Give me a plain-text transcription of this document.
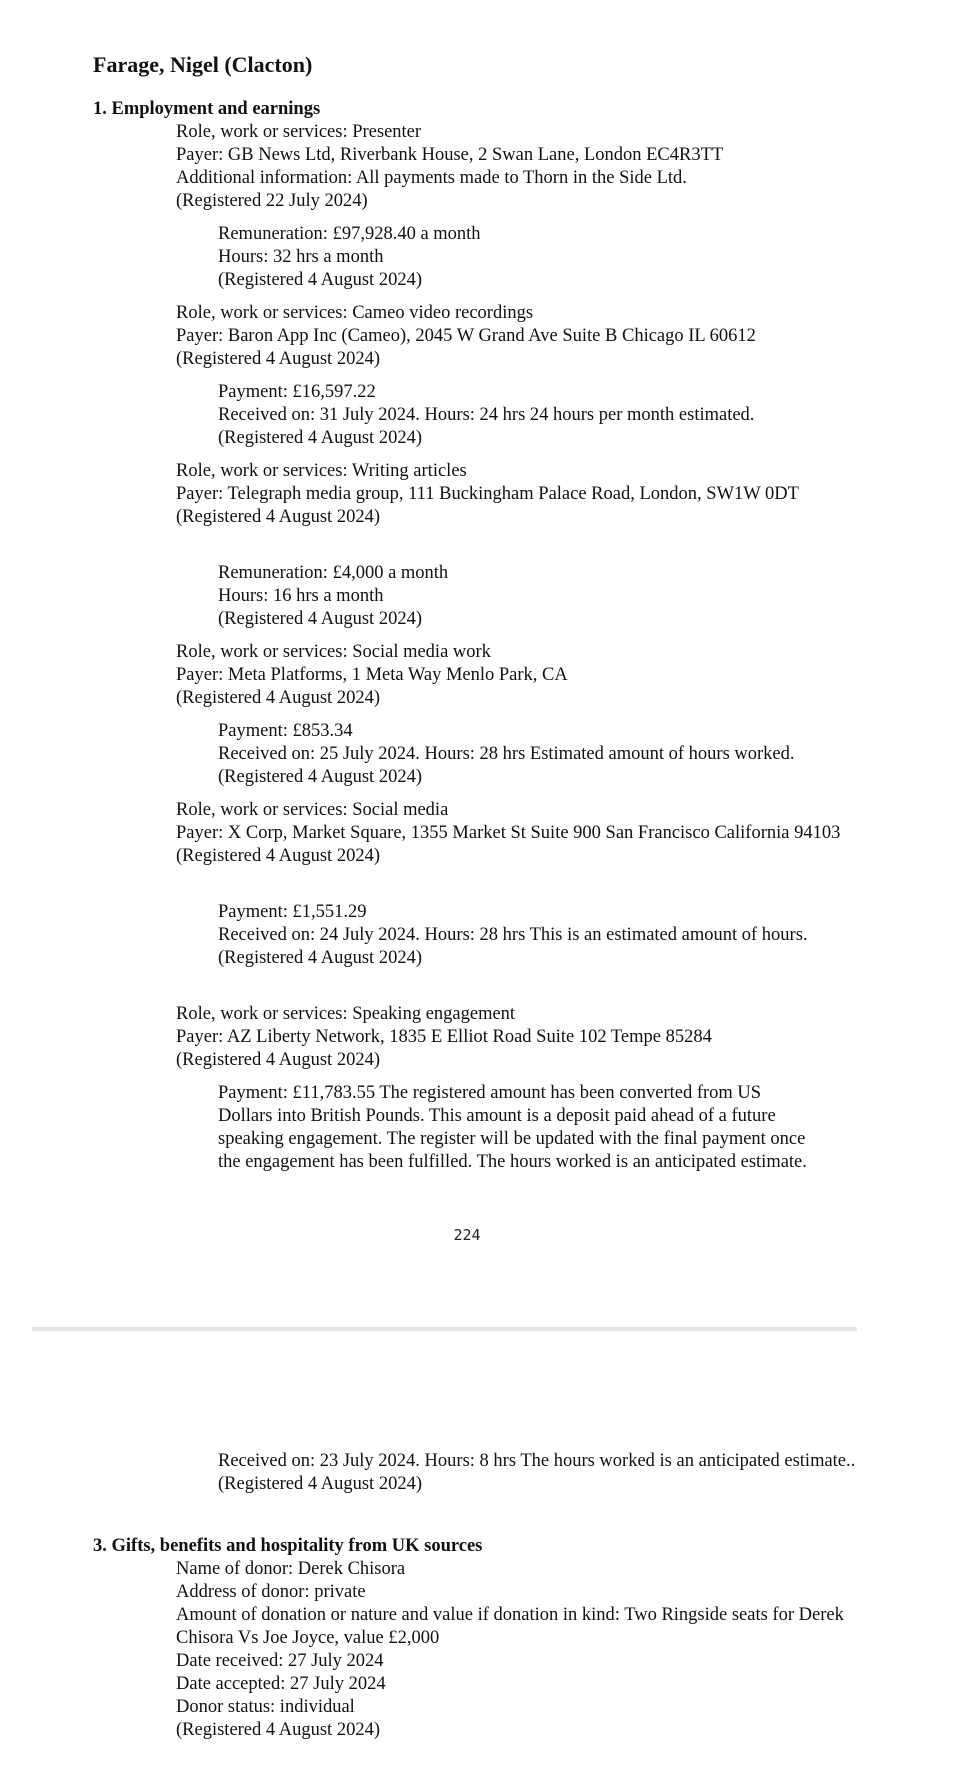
Farage, Nigel (Clacton)
1. Employment and earnings
Role, work or services: Presenter
Payer: GB News Ltd, Riverbank House, 2 Swan Lane, London EC4R3TT
Additional information: All payments made to Thorn in the Side Ltd.
(Registered 22 July 2024)
Remuneration: £97,928.40 a month
Hours: 32 hrs a month
(Registered 4 August 2024)
Role, work or services: Cameo video recordings
Payer: Baron App Inc (Cameo), 2045 W Grand Ave Suite B Chicago IL 60612
(Registered 4 August 2024)
Payment: £16,597.22
Received on: 31 July 2024. Hours: 24 hrs 24 hours per month estimated.
(Registered 4 August 2024)
Role, work or services: Writing articles
Payer: Telegraph media group, 111 Buckingham Palace Road, London, SW1W 0DT
(Registered 4 August 2024)
Remuneration: £4,000 a month
Hours: 16 hrs a month
(Registered 4 August 2024)
Role, work or services: Social media work
Payer: Meta Platforms, 1 Meta Way Menlo Park, CA
(Registered 4 August 2024)
Payment: £853.34
Received on: 25 July 2024. Hours: 28 hrs Estimated amount of hours worked.
(Registered 4 August 2024)
Role, work or services: Social media
Payer: X Corp, Market Square, 1355 Market St Suite 900 San Francisco California 94103
(Registered 4 August 2024)
Payment: £1,551.29
Received on: 24 July 2024. Hours: 28 hrs This is an estimated amount of hours.
(Registered 4 August 2024)
Role, work or services: Speaking engagement
Payer: AZ Liberty Network, 1835 E Elliot Road Suite 102 Tempe 85284
(Registered 4 August 2024)
Payment: £11,783.55 The registered amount has been converted from US Dollars into British Pounds. This amount is a deposit paid ahead of a future speaking engagement. The register will be updated with the final payment once the engagement has been fulfilled. The hours worked is an anticipated estimate.
224
Received on: 23 July 2024. Hours: 8 hrs The hours worked is an anticipated estimate..
(Registered 4 August 2024)
3. Gifts, benefits and hospitality from UK sources
Name of donor: Derek Chisora
Address of donor: private
Amount of donation or nature and value if donation in kind: Two Ringside seats for Derek Chisora Vs Joe Joyce, value £2,000
Date received: 27 July 2024
Date accepted: 27 July 2024
Donor status: individual
(Registered 4 August 2024)
